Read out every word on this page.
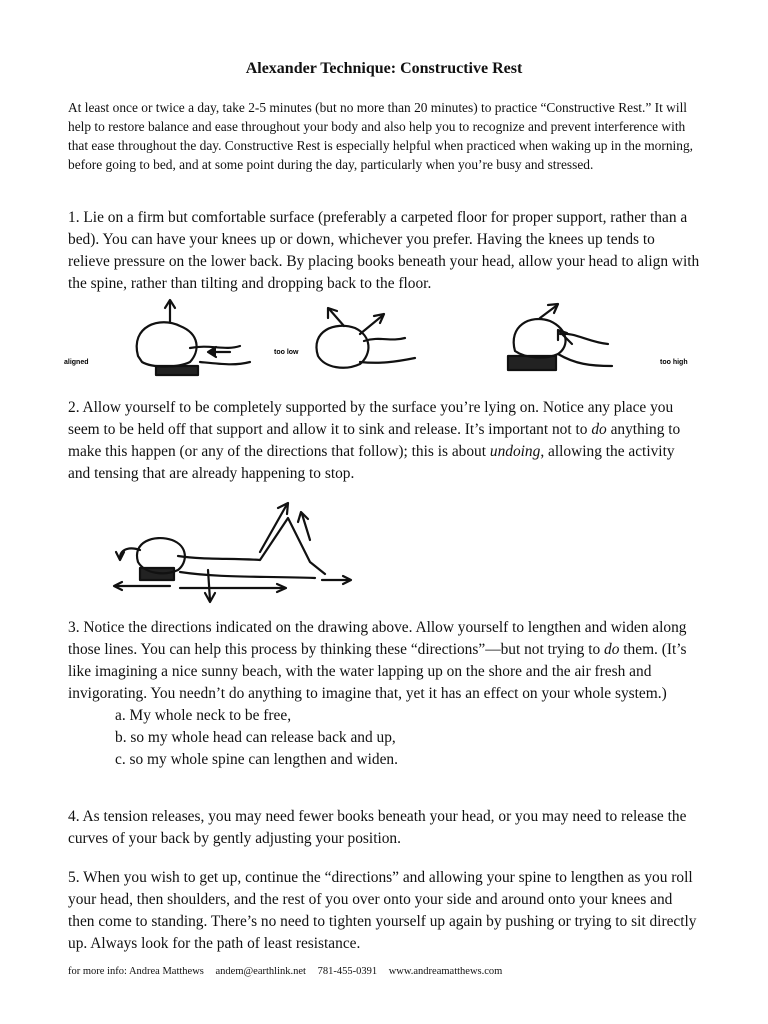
Alexander Technique: Constructive Rest
At least once or twice a day, take 2-5 minutes (but no more than 20 minutes) to practice “Constructive Rest.” It will help to restore balance and ease throughout your body and also help you to recognize and prevent interference with that ease throughout the day. Constructive Rest is especially helpful when practiced when waking up in the morning, before going to bed, and at some point during the day, particularly when you’re busy and stressed.
1. Lie on a firm but comfortable surface (preferably a carpeted floor for proper support, rather than a bed). You can have your knees up or down, whichever you prefer. Having the knees up tends to relieve pressure on the lower back. By placing books beneath your head, allow your head to align with the spine, rather than tilting and dropping back to the floor.
aligned
too low
too high
2. Allow yourself to be completely supported by the surface you’re lying on. Notice any place you seem to be held off that support and allow it to sink and release. It’s important not to do anything to make this happen (or any of the directions that follow); this is about undoing, allowing the activity and tensing that are already happening to stop.
3. Notice the directions indicated on the drawing above. Allow yourself to lengthen and widen along those lines. You can help this process by thinking these “directions”—but not trying to do them. (It’s like imagining a nice sunny beach, with the water lapping up on the shore and the air fresh and invigorating. You needn’t do anything to imagine that, yet it has an effect on your whole system.)
a. My whole neck to be free,
b. so my whole head can release back and up,
c. so my whole spine can lengthen and widen.
4. As tension releases, you may need fewer books beneath your head, or you may need to release the curves of your back by gently adjusting your position.
5. When you wish to get up, continue the “directions” and allowing your spine to lengthen as you roll your head, then shoulders, and the rest of you over onto your side and around onto your knees and then come to standing. There’s no need to tighten yourself up again by pushing or trying to sit directly up. Always look for the path of least resistance.
for more info: Andrea Matthews andem@earthlink.net 781-455-0391 www.andreamatthews.com
